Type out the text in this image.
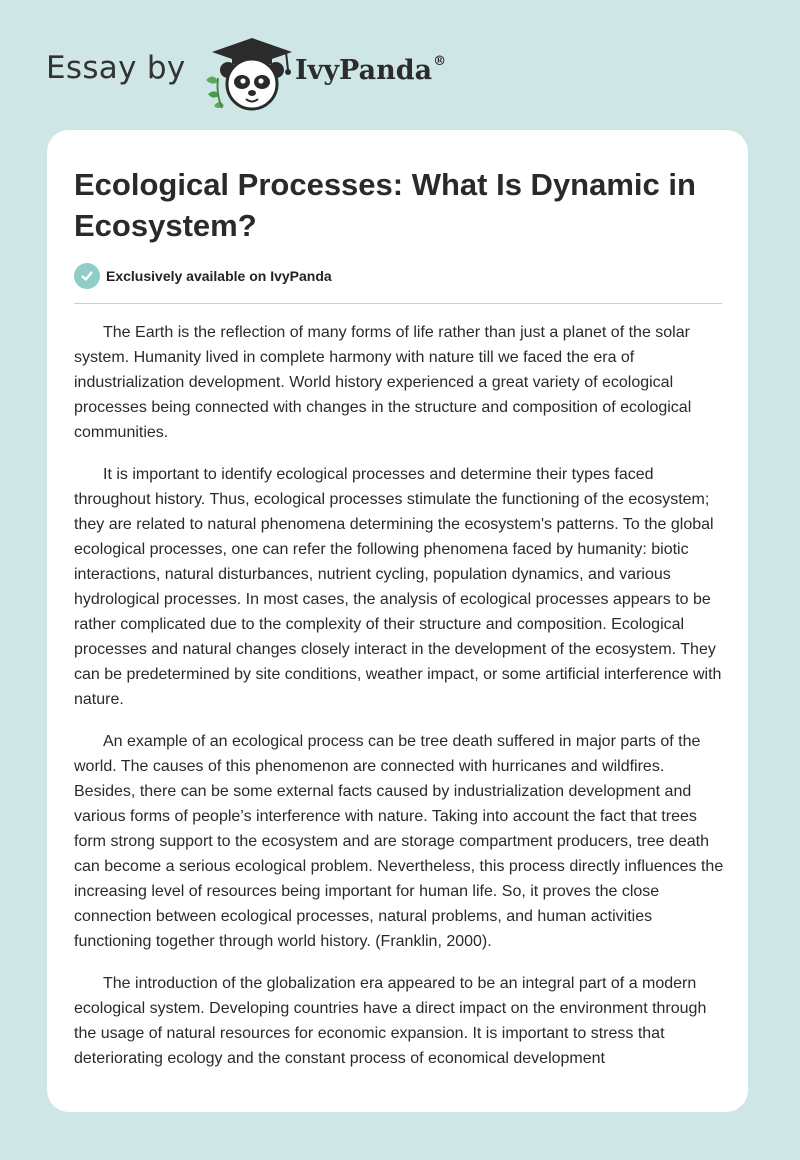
Essay by	IvyPanda®
Ecological Processes: What Is Dynamic in Ecosystem?
Exclusively available on IvyPanda

The Earth is the reflection of many forms of life rather than just a planet of the solar system. Humanity lived in complete harmony with nature till we faced the era of industrialization development. World history experienced a great variety of ecological processes being connected with changes in the structure and composition of ecological communities.

It is important to identify ecological processes and determine their types faced throughout history. Thus, ecological processes stimulate the functioning of the ecosystem; they are related to natural phenomena determining the ecosystem's patterns. To the global ecological processes, one can refer the following phenomena faced by humanity: biotic interactions, natural disturbances, nutrient cycling, population dynamics, and various hydrological processes. In most cases, the analysis of ecological processes appears to be rather complicated due to the complexity of their structure and composition. Ecological processes and natural changes closely interact in the development of the ecosystem. They can be predetermined by site conditions, weather impact, or some artificial interference with nature.

An example of an ecological process can be tree death suffered in major parts of the world. The causes of this phenomenon are connected with hurricanes and wildfires. Besides, there can be some external facts caused by industrialization development and various forms of people’s interference with nature. Taking into account the fact that trees form strong support to the ecosystem and are storage compartment producers, tree death can become a serious ecological problem. Nevertheless, this process directly influences the increasing level of resources being important for human life. So, it proves the close connection between ecological processes, natural problems, and human activities functioning together through world history. (Franklin, 2000).

The introduction of the globalization era appeared to be an integral part of a modern ecological system. Developing countries have a direct impact on the environment through the usage of natural resources for economic expansion. It is important to stress that deteriorating ecology and the constant process of economical development
